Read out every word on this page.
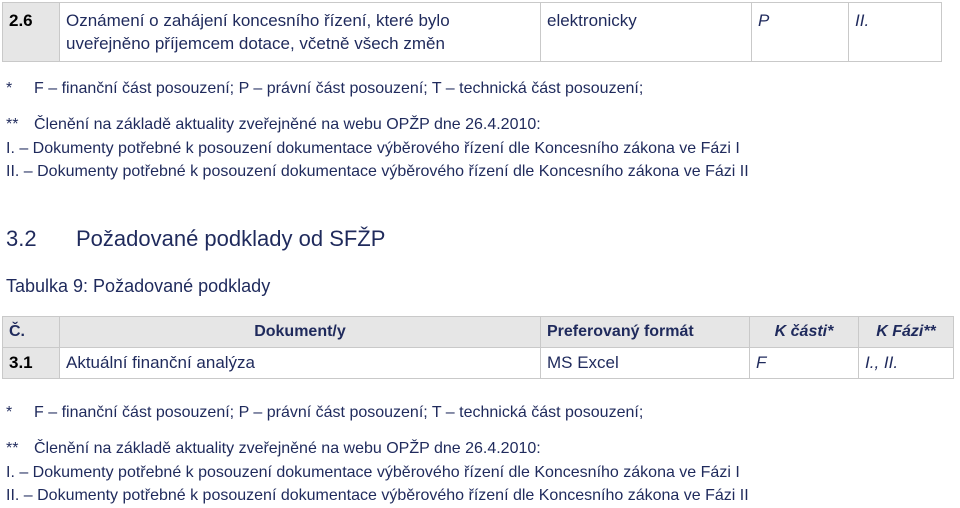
2.6	Oznámení o zahájení koncesního řízení, které bylo uveřejněno příjemcem dotace, včetně všech změn	elektronicky	P	II.
* F – finanční část posouzení; P – právní část posouzení; T – technická část posouzení;
** Členění na základě aktuality zveřejněné na webu OPŽP dne 26.4.2010:
I. – Dokumenty potřebné k posouzení dokumentace výběrového řízení dle Koncesního zákona ve Fázi I
II. – Dokumenty potřebné k posouzení dokumentace výběrového řízení dle Koncesního zákona ve Fázi II
3.2 Požadované podklady od SFŽP
Tabulka 9: Požadované podklady
Č.	Dokument/y	Preferovaný formát	K části*	K Fázi**
3.1	Aktuální finanční analýza	MS Excel	F	I., II.
* F – finanční část posouzení; P – právní část posouzení; T – technická část posouzení;
** Členění na základě aktuality zveřejněné na webu OPŽP dne 26.4.2010:
I. – Dokumenty potřebné k posouzení dokumentace výběrového řízení dle Koncesního zákona ve Fázi I
II. – Dokumenty potřebné k posouzení dokumentace výběrového řízení dle Koncesního zákona ve Fázi II
